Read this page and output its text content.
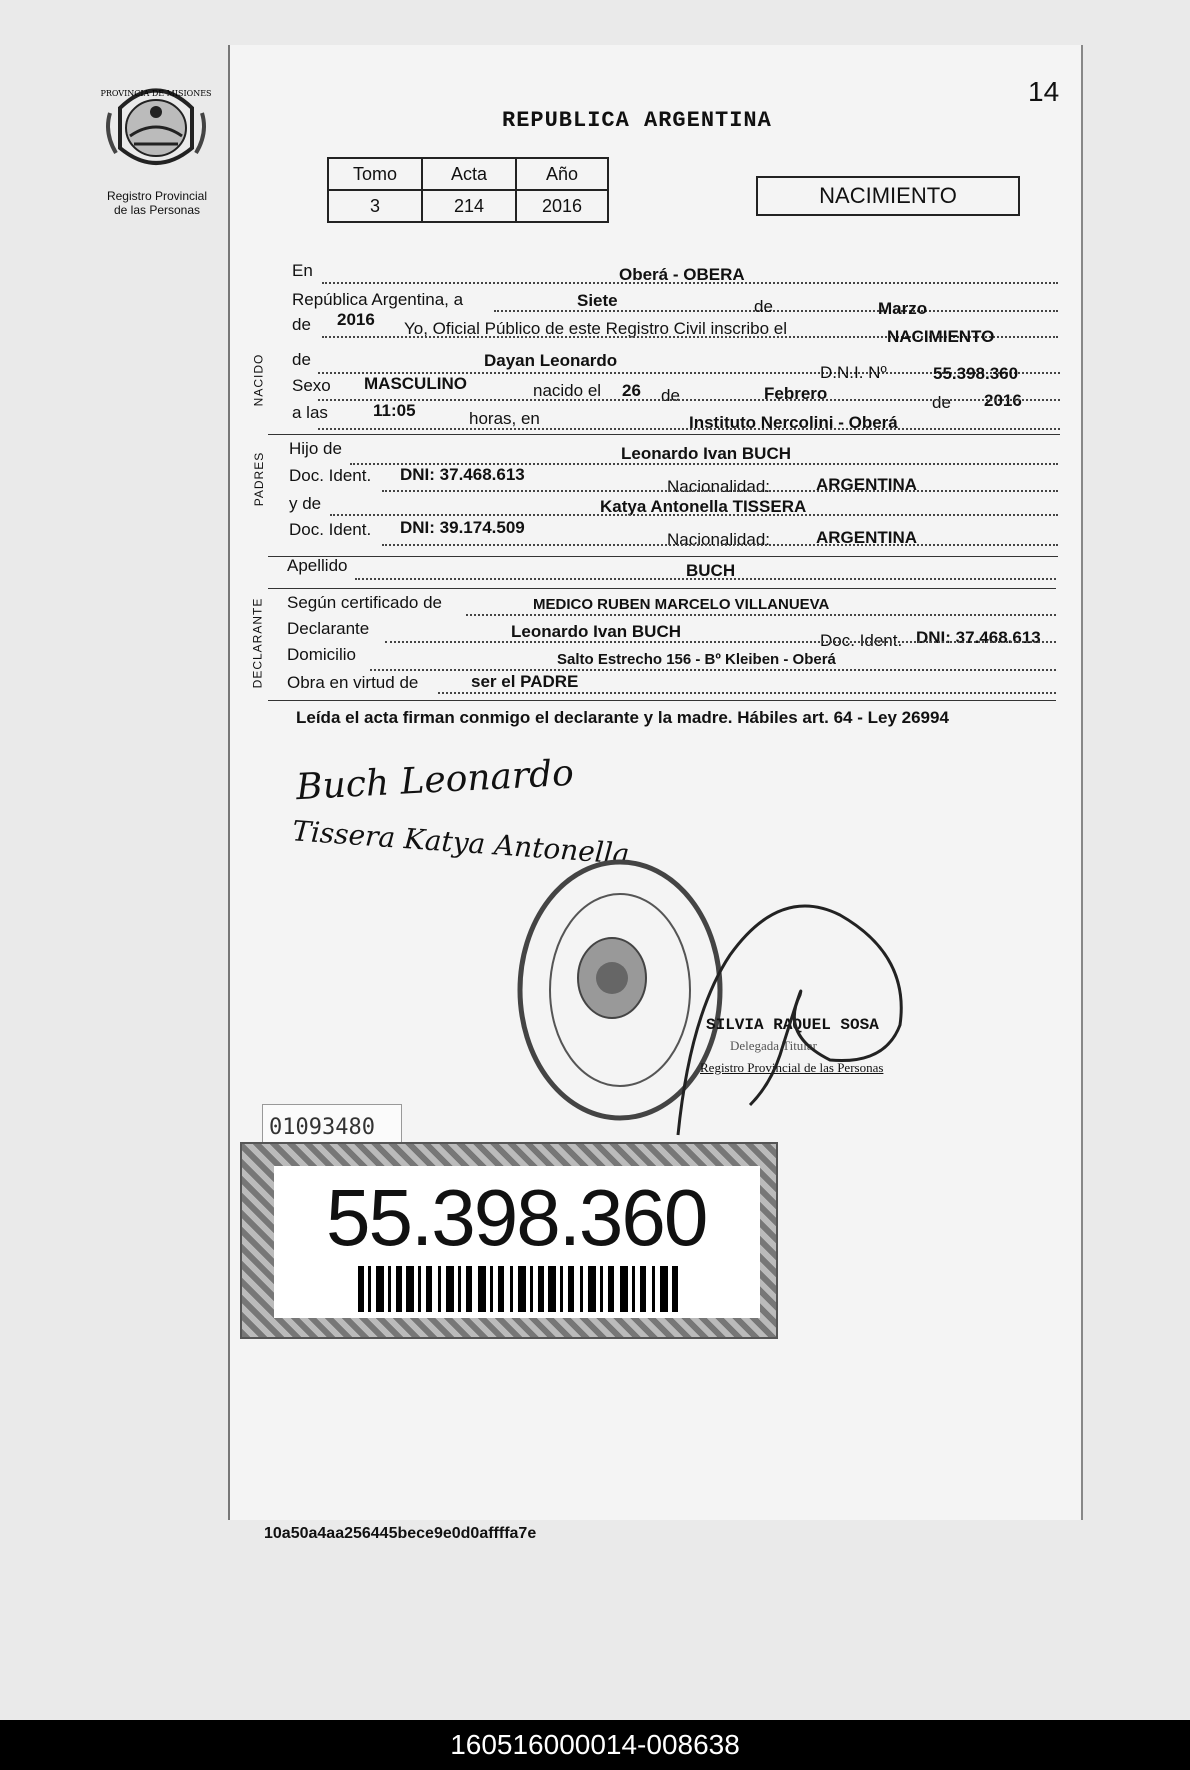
PROVINCIA DE MISIONES
Registro Provincial
de las Personas
14
REPUBLICA ARGENTINA
Tomo	Acta	Año
3	214	2016	NACIMIENTO
En	Oberá - OBERA
República Argentina, a	Siete	de	Marzo
de 2016 Yo, Oficial Público de este Registro Civil inscribo el	NACIMIENTO
NACIDO de	Dayan Leonardo
D.N.I. Nº	55.398.360
Sexo MASCULINO	nacido el 26 de	Febrero	de 2016
a las	11:05	horas, en	Instituto Nercolini - Oberá
PADRES
Hijo de	Leonardo Ivan BUCH
Doc. Ident. DNI: 37.468.613
Nacionalidad:	ARGENTINA
y de	Katya Antonella TISSERA
Doc. Ident. DNI: 39.174.509
Nacionalidad:	ARGENTINA
Apellido	BUCH
DECLARANTE Según certificado de	MEDICO RUBEN MARCELO VILLANUEVA
Declarante	Leonardo Ivan BUCH	Doc. Ident. DNI: 37.468.613
Domicilio	Salto Estrecho 156 - Bº Kleiben - Oberá
Obra en virtud de	ser el PADRE
Leída el acta firman conmigo el declarante y la madre. Hábiles art. 64 - Ley 26994
Buch Leonardo
Tissera Katya Antonella
SILVIA RAQUEL SOSA
Delegada Titular
Registro Provincial de las Personas
01093480
55.398.360
10a50a4aa256445bece9e0d0affffa7e
160516000014-008638
